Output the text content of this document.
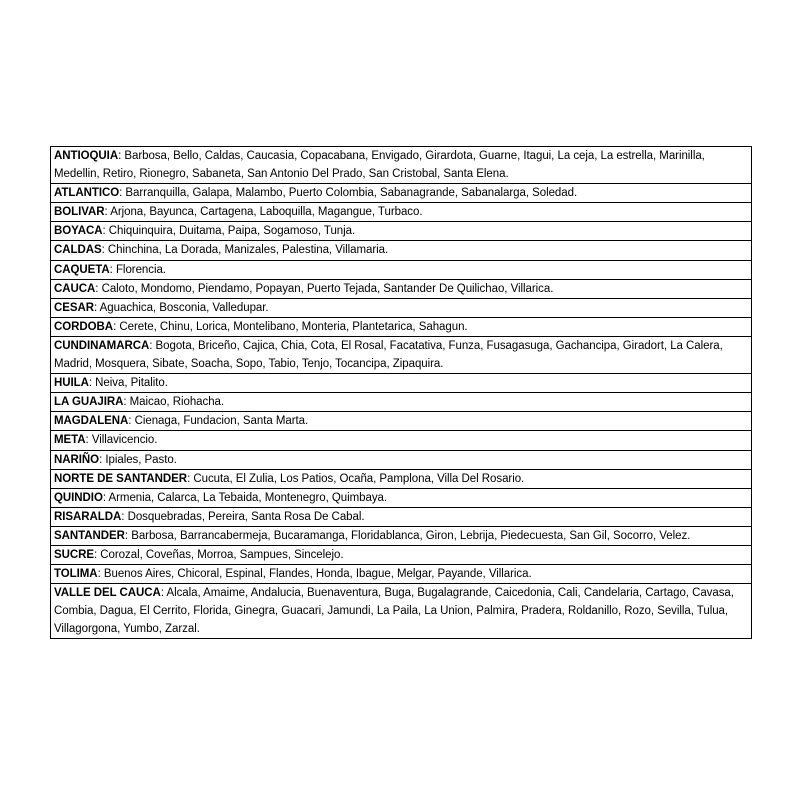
ANTIOQUIA: Barbosa, Bello, Caldas, Caucasia, Copacabana, Envigado, Girardota, Guarne, Itagui, La ceja, La estrella, Marinilla, Medellin, Retiro, Rionegro, Sabaneta, San Antonio Del Prado, San Cristobal, Santa Elena.
ATLANTICO: Barranquilla, Galapa, Malambo, Puerto Colombia, Sabanagrande, Sabanalarga, Soledad.
BOLIVAR: Arjona, Bayunca, Cartagena, Laboquilla, Magangue, Turbaco.
BOYACA: Chiquinquira, Duitama, Paipa, Sogamoso, Tunja.
CALDAS: Chinchina, La Dorada, Manizales, Palestina, Villamaria.
CAQUETA: Florencia.
CAUCA: Caloto, Mondomo, Piendamo, Popayan, Puerto Tejada, Santander De Quilichao, Villarica.
CESAR: Aguachica, Bosconia, Valledupar.
CORDOBA: Cerete, Chinu, Lorica, Montelibano, Monteria, Plantetarica, Sahagun.
CUNDINAMARCA: Bogota, Briceño, Cajica, Chia, Cota, El Rosal, Facatativa, Funza, Fusagasuga, Gachancipa, Giradort, La Calera, Madrid, Mosquera, Sibate, Soacha, Sopo, Tabio, Tenjo, Tocancipa, Zipaquira.
HUILA: Neiva, Pitalito.
LA GUAJIRA: Maicao, Riohacha.
MAGDALENA: Cienaga, Fundacion, Santa Marta.
META: Villavicencio.
NARIÑO: Ipiales, Pasto.
NORTE DE SANTANDER: Cucuta, El Zulia, Los Patios, Ocaña, Pamplona, Villa Del Rosario.
QUINDIO: Armenia, Calarca, La Tebaida, Montenegro, Quimbaya.
RISARALDA: Dosquebradas, Pereira, Santa Rosa De Cabal.
SANTANDER: Barbosa, Barrancabermeja, Bucaramanga, Floridablanca, Giron, Lebrija, Piedecuesta, San Gil, Socorro, Velez.
SUCRE: Corozal, Coveñas, Morroa, Sampues, Sincelejo.
TOLIMA: Buenos Aires, Chicoral, Espinal, Flandes, Honda, Ibague, Melgar, Payande, Villarica.
VALLE DEL CAUCA: Alcala, Amaime, Andalucia, Buenaventura, Buga, Bugalagrande, Caicedonia, Cali, Candelaria, Cartago, Cavasa, Combia, Dagua, El Cerrito, Florida, Ginegra, Guacari, Jamundi, La Paila, La Union, Palmira, Pradera, Roldanillo, Rozo, Sevilla, Tulua, Villagorgona, Yumbo, Zarzal.
